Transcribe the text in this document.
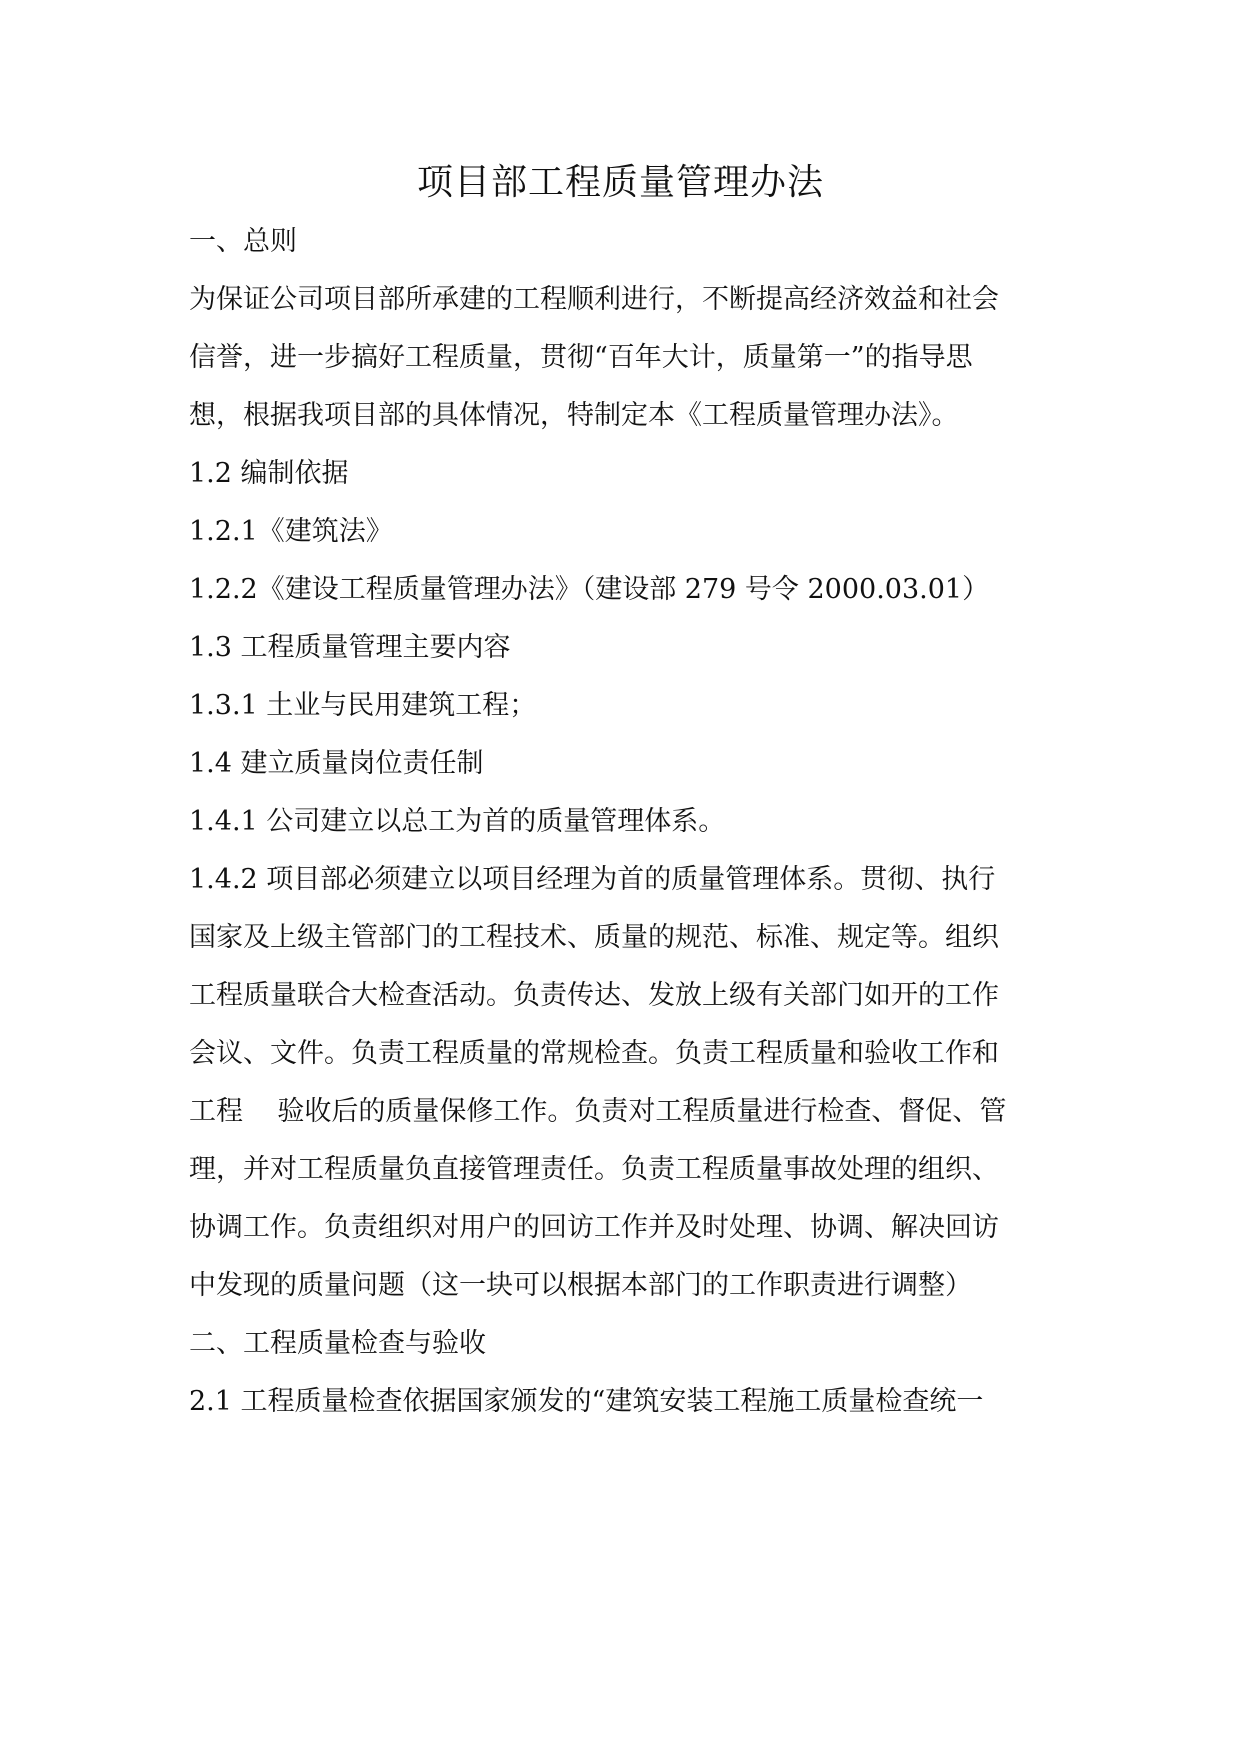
项目部工程质量管理办法

一、总则

为保证公司项目部所承建的工程顺利进行，不断提高经济效益和社会

信誉，进一步搞好工程质量，贯彻“百年大计，质量第一”的指导思

想，根据我项目部的具体情况，特制定本《工程质量管理办法》。

1.2 编制依据

1.2.1《建筑法》

1.2.2《建设工程质量管理办法》（建设部 279 号令 2000.03.01）

1.3 工程质量管理主要内容

1.3.1 土业与民用建筑工程；

1.4 建立质量岗位责任制

1.4.1 公司建立以总工为首的质量管理体系。

1.4.2 项目部必须建立以项目经理为首的质量管理体系。贯彻、执行

国家及上级主管部门的工程技术、质量的规范、标准、规定等。组织

工程质量联合大检查活动。负责传达、发放上级有关部门如开的工作

会议、文件。负责工程质量的常规检查。负责工程质量和验收工作和

工程    验收后的质量保修工作。负责对工程质量进行检查、督促、管

理，并对工程质量负直接管理责任。负责工程质量事故处理的组织、

协调工作。负责组织对用户的回访工作并及时处理、协调、解决回访

中发现的质量问题（这一块可以根据本部门的工作职责进行调整）

二、工程质量检查与验收

2.1 工程质量检查依据国家颁发的“建筑安装工程施工质量检查统一
